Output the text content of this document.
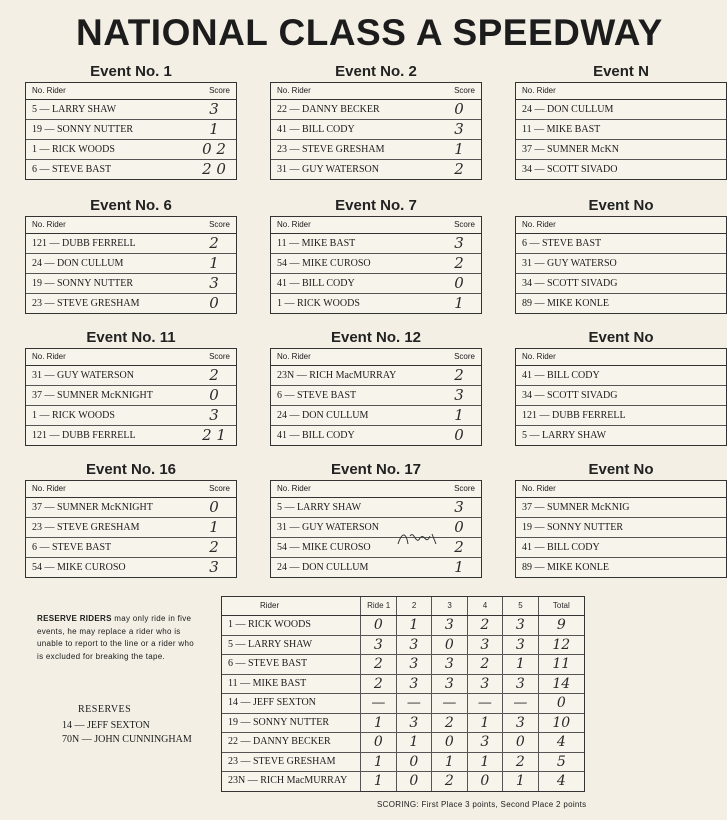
NATIONAL CLASS A SPEEDWAY
Event No. 1
No. Rider	Score
5 — LARRY SHAW	3
19 — SONNY NUTTER	1
1 — RICK WOODS	0 2
6 — STEVE BAST	2 0
Event No. 2
No. Rider	Score
22 — DANNY BECKER	0
41 — BILL CODY	3
23 — STEVE GRESHAM	1
31 — GUY WATERSON	2
Event N
No. Rider
24 — DON CULLUM
11 — MIKE BAST
37 — SUMNER McKN
34 — SCOTT SIVADO
Event No. 6
No. Rider	Score
121 — DUBB FERRELL	2
24 — DON CULLUM	1
19 — SONNY NUTTER	3
23 — STEVE GRESHAM	0
Event No. 7
No. Rider	Score
11 — MIKE BAST	3
54 — MIKE CUROSO	2
41 — BILL CODY	0
1 — RICK WOODS	1
Event No
No. Rider
6 — STEVE BAST
31 — GUY WATERSO
34 — SCOTT SIVADG
89 — MIKE KONLE
Event No. 11
No. Rider	Score
31 — GUY WATERSON	2
37 — SUMNER McKNIGHT	0
1 — RICK WOODS	3
121 — DUBB FERRELL	2 1
Event No. 12
No. Rider	Score
23N — RICH MacMURRAY	2
6 — STEVE BAST	3
24 — DON CULLUM	1
41 — BILL CODY	0
Event No
No. Rider
41 — BILL CODY
34 — SCOTT SIVADG
121 — DUBB FERRELL
5 — LARRY SHAW
Event No. 16
No. Rider	Score
37 — SUMNER McKNIGHT	0
23 — STEVE GRESHAM	1
6 — STEVE BAST	2
54 — MIKE CUROSO	3
Event No. 17
No. Rider	Score
5 — LARRY SHAW	3
31 — GUY WATERSON	0
54 — MIKE CUROSO	2
24 — DON CULLUM	1
Event No
No. Rider
37 — SUMNER McKNIG
19 — SONNY NUTTER
41 — BILL CODY
89 — MIKE KONLE
RESERVE RIDERS may only ride in five events, he may replace a rider who is unable to report to the line or a rider who is excluded for breaking the tape.
RESERVES
14 — JEFF SEXTON
70N — JOHN CUNNINGHAM
Rider	Ride 1	2	3	4	5	Total
1 — RICK WOODS	0	1	3	2	3	9
5 — LARRY SHAW	3	3	0	3	3	12
6 — STEVE BAST	2	3	3	2	1	11
11 — MIKE BAST	2	3	3	3	3	14
14 — JEFF SEXTON	—	—	—	—	—	0
19 — SONNY NUTTER	1	3	2	1	3	10
22 — DANNY BECKER	0	1	0	3	0	4
23 — STEVE GRESHAM	1	0	1	1	2	5
23N — RICH MacMURRAY	1	0	2	0	1	4
SCORING: First Place 3 points, Second Place 2 points
